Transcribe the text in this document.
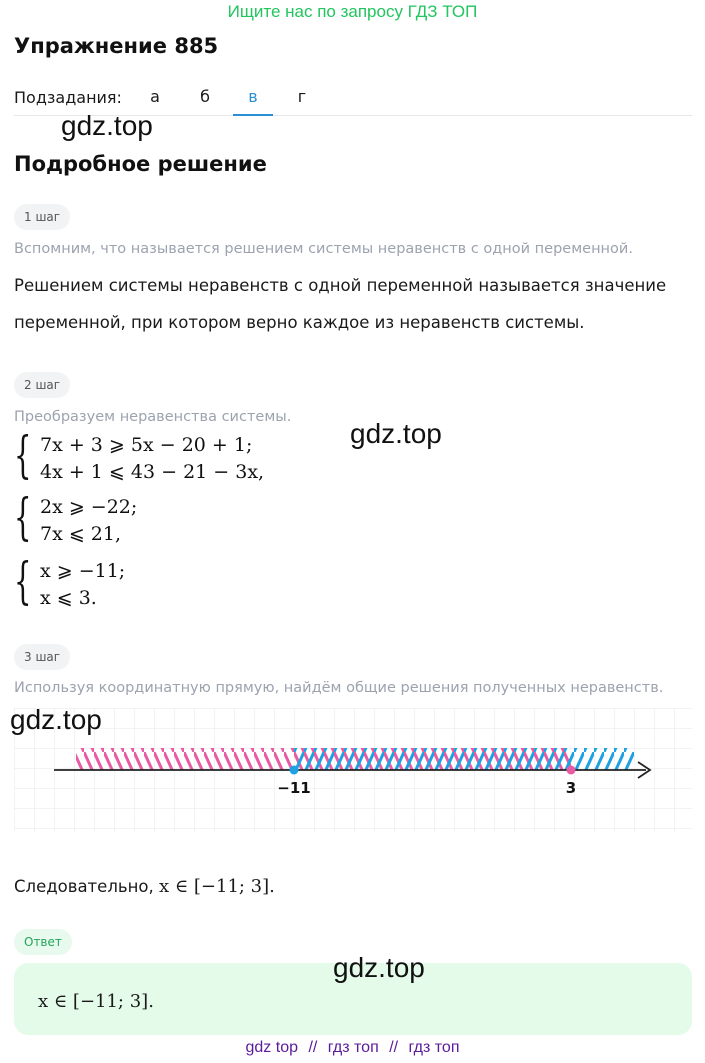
Ищите нас по запросу ГДЗ ТОП
Упражнение 885
Подзадания:	а	б	в	г
gdz.top
Подробное решение
1 шаг
Вспомним, что называется решением системы неравенств с одной переменной.
Решением системы неравенств с одной переменной называется значение
переменной, при котором верно каждое из неравенств системы.
2 шаг
Преобразуем неравенства системы.
gdz.top
{ 7x + 3 ⩾ 5x − 20 + 1;
4x + 1 ⩽ 43 − 21 − 3x,
{ 2x ⩾ −22;
7x ⩽ 21,
{ x ⩾ −11;
x ⩽ 3.
3 шаг
Используя координатную прямую, найдём общие решения полученных неравенств.
−11	3
gdz.top
Следовательно, x ∈ [−11; 3].
Ответ
x ∈ [−11; 3].
gdz.top
gdz top // гдз топ // гдз топ
